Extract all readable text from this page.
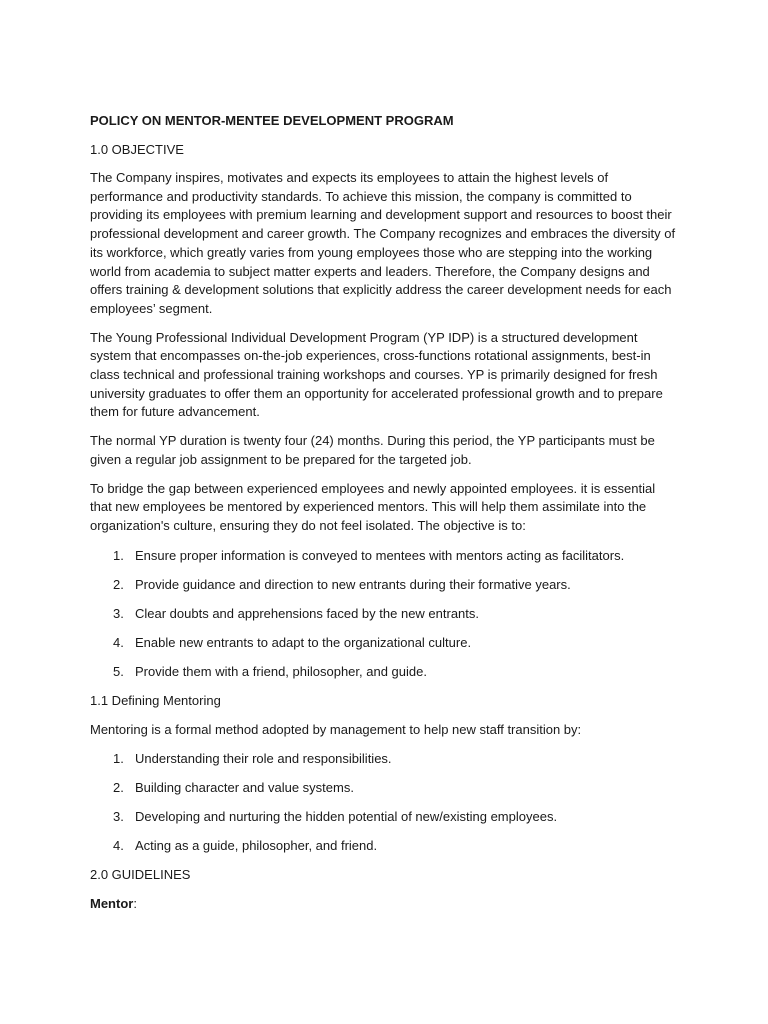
POLICY ON MENTOR-MENTEE DEVELOPMENT PROGRAM
1.0 OBJECTIVE

The Company inspires, motivates and expects its employees to attain the highest levels of performance and productivity standards. To achieve this mission, the company is committed to providing its employees with premium learning and development support and resources to boost their professional development and career growth. The Company recognizes and embraces the diversity of its workforce, which greatly varies from young employees those who are stepping into the working world from academia to subject matter experts and leaders. Therefore, the Company designs and offers training & development solutions that explicitly address the career development needs for each employees’ segment.

The Young Professional Individual Development Program (YP IDP) is a structured development system that encompasses on-the-job experiences, cross-functions rotational assignments, best-in class technical and professional training workshops and courses. YP is primarily designed for fresh university graduates to offer them an opportunity for accelerated professional growth and to prepare them for future advancement.

The normal YP duration is twenty four (24) months. During this period, the YP participants must be given a regular job assignment to be prepared for the targeted job.

To bridge the gap between experienced employees and newly appointed employees. it is essential that new employees be mentored by experienced mentors. This will help them assimilate into the organization's culture, ensuring they do not feel isolated. The objective is to:

1. Ensure proper information is conveyed to mentees with mentors acting as facilitators.
2. Provide guidance and direction to new entrants during their formative years.
3. Clear doubts and apprehensions faced by the new entrants.
4. Enable new entrants to adapt to the organizational culture.
5. Provide them with a friend, philosopher, and guide.
1.1 Defining Mentoring
Mentoring is a formal method adopted by management to help new staff transition by:
1. Understanding their role and responsibilities.
2. Building character and value systems.
3. Developing and nurturing the hidden potential of new/existing employees.
4. Acting as a guide, philosopher, and friend.
2.0 GUIDELINES
Mentor:
